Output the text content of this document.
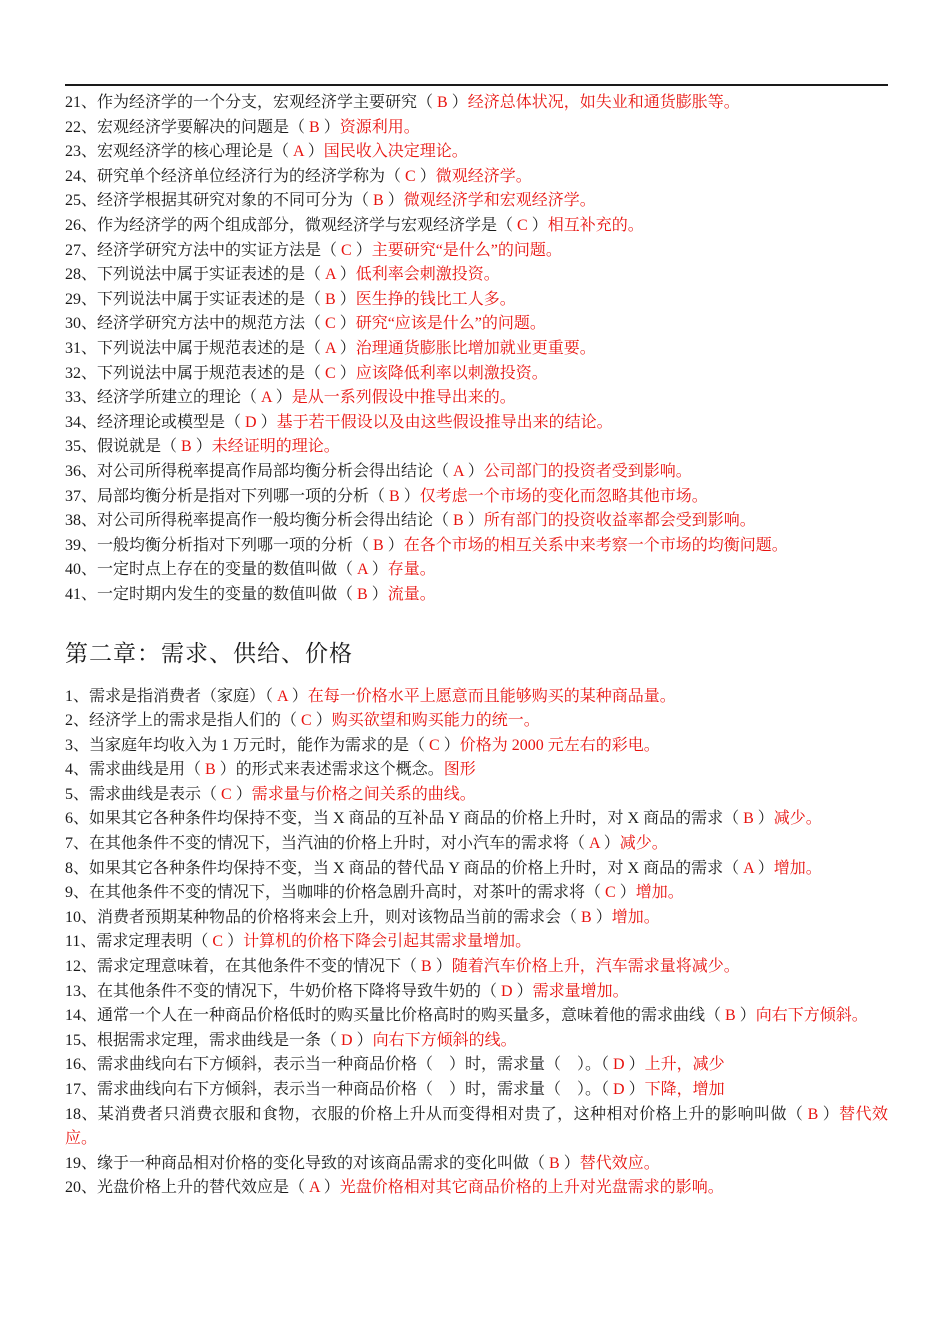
21、作为经济学的一个分支，宏观经济学主要研究（ B ）经济总体状况，如失业和通货膨胀等。

22、宏观经济学要解决的问题是（ B ）资源利用。

23、宏观经济学的核心理论是（ A ）国民收入决定理论。

24、研究单个经济单位经济行为的经济学称为（ C ）微观经济学。

25、经济学根据其研究对象的不同可分为（ B ）微观经济学和宏观经济学。

26、作为经济学的两个组成部分，微观经济学与宏观经济学是（ C ）相互补充的。

27、经济学研究方法中的实证方法是（ C ）主要研究“是什么”的问题。

28、下列说法中属于实证表述的是（ A ）低利率会刺激投资。

29、下列说法中属于实证表述的是（ B ）医生挣的钱比工人多。

30、经济学研究方法中的规范方法（ C ）研究“应该是什么”的问题。

31、下列说法中属于规范表述的是（ A ）治理通货膨胀比增加就业更重要。

32、下列说法中属于规范表述的是（ C ）应该降低利率以刺激投资。

33、经济学所建立的理论（ A ）是从一系列假设中推导出来的。

34、经济理论或模型是（ D ）基于若干假设以及由这些假设推导出来的结论。

35、假说就是（ B ）未经证明的理论。

36、对公司所得税率提高作局部均衡分析会得出结论（ A ）公司部门的投资者受到影响。

37、局部均衡分析是指对下列哪一项的分析（ B ）仅考虑一个市场的变化而忽略其他市场。

38、对公司所得税率提高作一般均衡分析会得出结论（ B ）所有部门的投资收益率都会受到影响。

39、一般均衡分析指对下列哪一项的分析（ B ）在各个市场的相互关系中来考察一个市场的均衡问题。

40、一定时点上存在的变量的数值叫做（ A ）存量。

41、一定时期内发生的变量的数值叫做（ B ）流量。

第二章：需求、供给、价格

1、需求是指消费者（家庭）（ A ）在每一价格水平上愿意而且能够购买的某种商品量。

2、经济学上的需求是指人们的（ C ）购买欲望和购买能力的统一。

3、当家庭年均收入为 1 万元时，能作为需求的是（ C ）价格为 2000 元左右的彩电。

4、需求曲线是用（ B ）的形式来表述需求这个概念。图形

5、需求曲线是表示（ C ）需求量与价格之间关系的曲线。

6、如果其它各种条件均保持不变，当 X 商品的互补品 Y 商品的价格上升时，对 X 商品的需求（ B ）减少。

7、在其他条件不变的情况下，当汽油的价格上升时，对小汽车的需求将（ A ）减少。

8、如果其它各种条件均保持不变，当 X 商品的替代品 Y 商品的价格上升时，对 X 商品的需求（ A ）增加。

9、在其他条件不变的情况下，当咖啡的价格急剧升高时，对茶叶的需求将（ C ）增加。

10、消费者预期某种物品的价格将来会上升，则对该物品当前的需求会（ B ）增加。

11、需求定理表明（ C ）计算机的价格下降会引起其需求量增加。

12、需求定理意味着，在其他条件不变的情况下（ B ）随着汽车价格上升，汽车需求量将减少。

13、在其他条件不变的情况下，牛奶价格下降将导致牛奶的（ D ）需求量增加。

14、通常一个人在一种商品价格低时的购买量比价格高时的购买量多，意味着他的需求曲线（ B ）向右下方倾斜。

15、根据需求定理，需求曲线是一条（ D ）向右下方倾斜的线。

16、需求曲线向右下方倾斜，表示当一种商品价格（　）时，需求量（　）。（ D ）上升，减少

17、需求曲线向右下方倾斜，表示当一种商品价格（　）时，需求量（　）。（ D ）下降，增加

18、某消费者只消费衣服和食物，衣服的价格上升从而变得相对贵了，这种相对价格上升的影响叫做（ B ）替代效应。

19、缘于一种商品相对价格的变化导致的对该商品需求的变化叫做（ B ）替代效应。

20、光盘价格上升的替代效应是（ A ）光盘价格相对其它商品价格的上升对光盘需求的影响。
